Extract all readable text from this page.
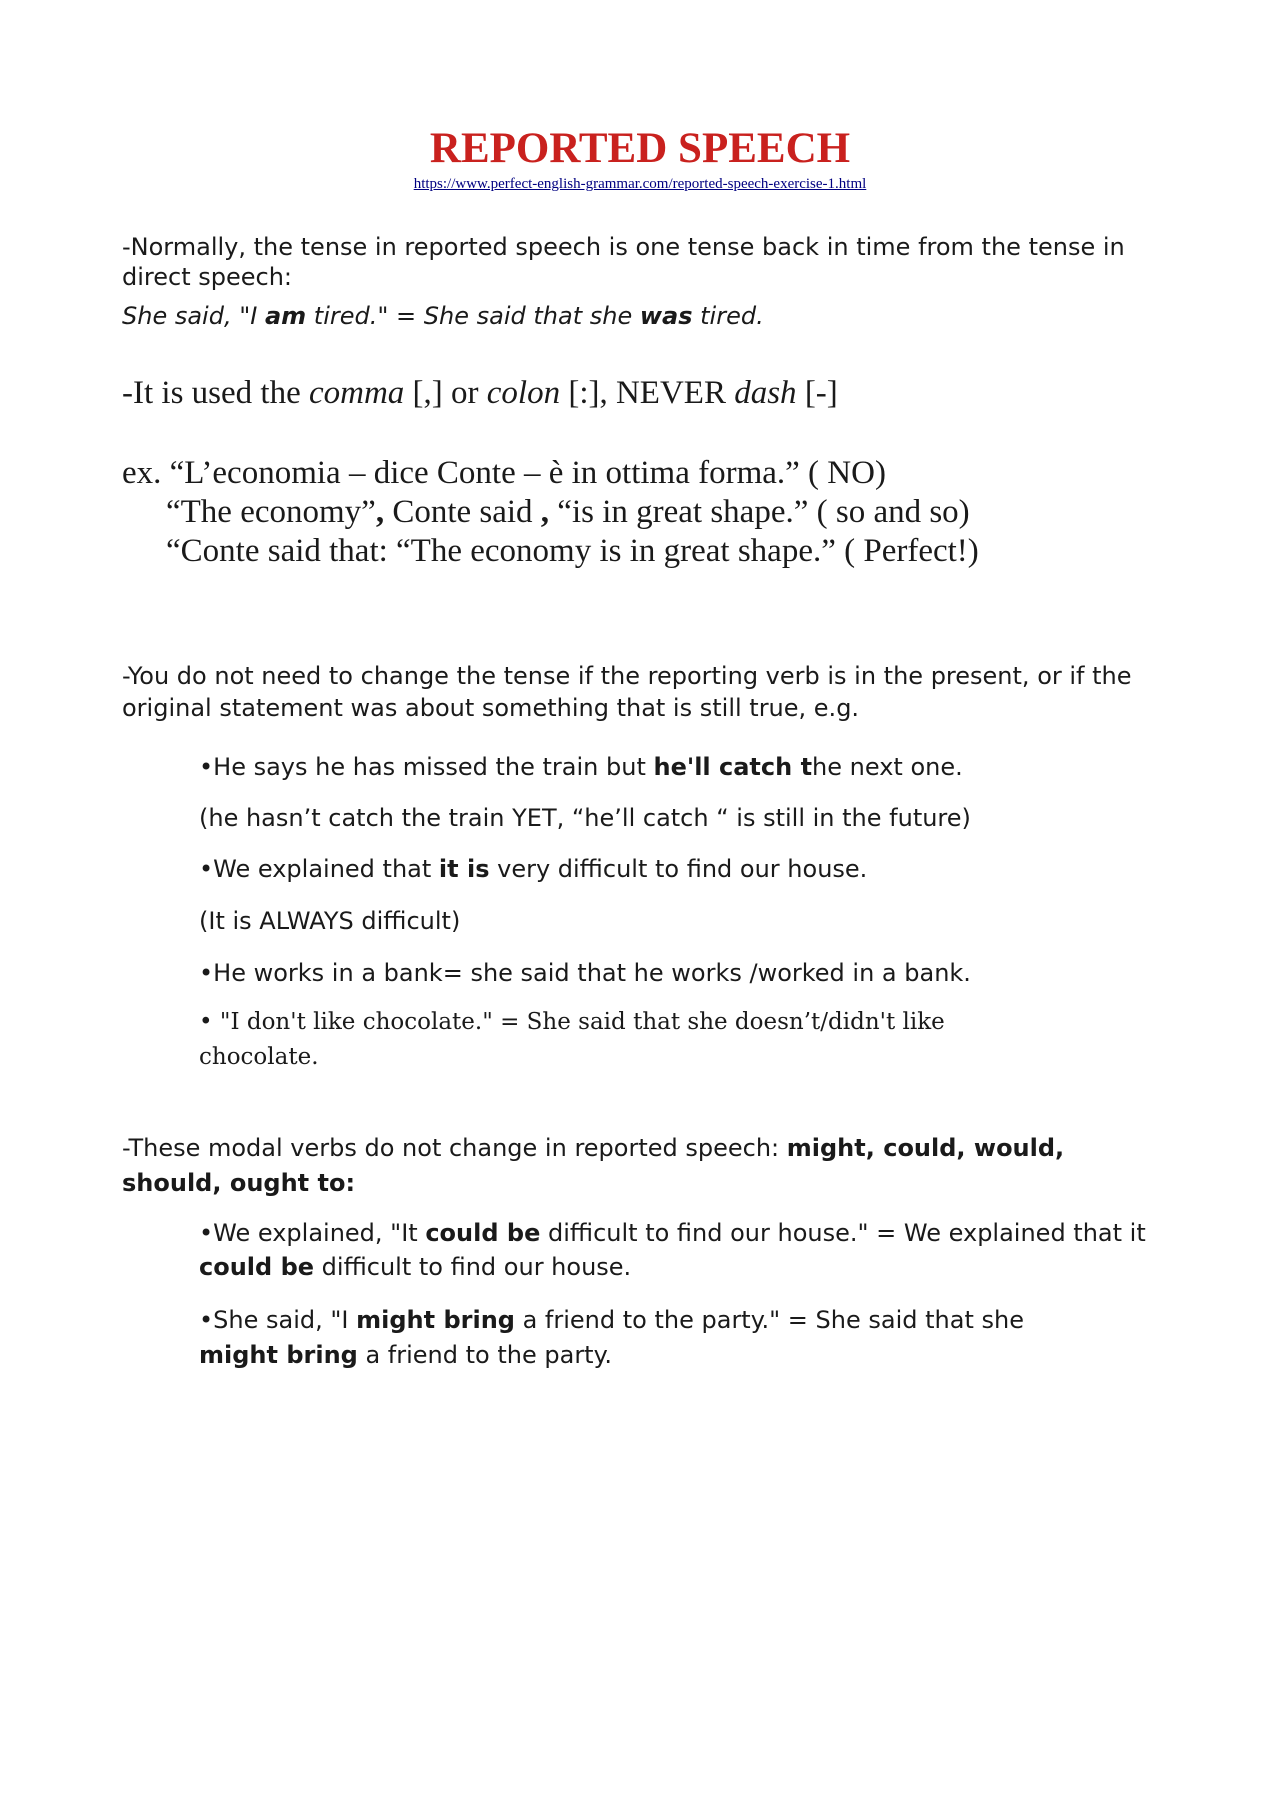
REPORTED SPEECH
https://www.perfect-english-grammar.com/reported-speech-exercise-1.html

-Normally, the tense in reported speech is one tense back in time from the tense in direct speech:

She said, "I am tired." = She said that she was tired.

-It is used the comma [,] or colon [:], NEVER dash [-]

ex. “L’economia – dice Conte – è in ottima forma.” ( NO)

“The economy”, Conte said , “is in great shape.” ( so and so)

“Conte said that: “The economy is in great shape.” ( Perfect!)

-You do not need to change the tense if the reporting verb is in the present, or if the original statement was about something that is still true, e.g.

•He says he has missed the train but he'll catch the next one.

(he hasn’t catch the train YET, “he’ll catch “ is still in the future)

•We explained that it is very difficult to find our house.

(It is ALWAYS difficult)

•He works in a bank= she said that he works /worked in a bank.

• "I don't like chocolate." = She said that she doesn’t/didn't like chocolate.

-These modal verbs do not change in reported speech: might, could, would, should, ought to:

•We explained, "It could be difficult to find our house." = We explained that it could be difficult to find our house.

•She said, "I might bring a friend to the party." = She said that she might bring a friend to the party.
